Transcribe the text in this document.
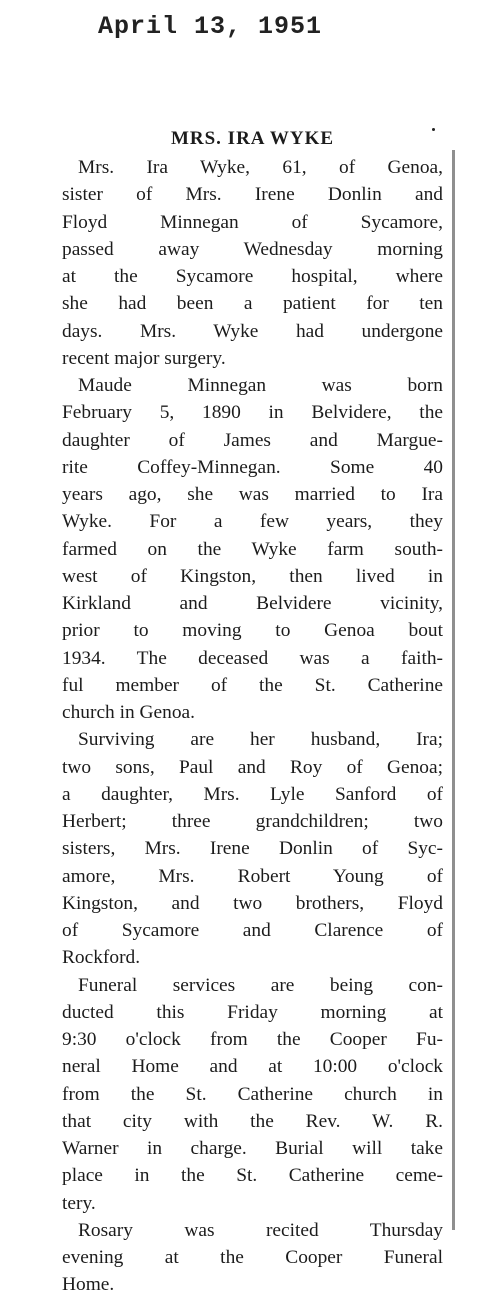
April 13, 1951
MRS. IRA WYKE
Mrs. Ira Wyke, 61, of Genoa,
sister of Mrs. Irene Donlin and
Floyd Minnegan of Sycamore,
passed away Wednesday morning
at the Sycamore hospital, where
she had been a patient for ten
days. Mrs. Wyke had undergone
recent major surgery.
Maude Minnegan was born
February 5, 1890 in Belvidere, the
daughter of James and Margue-
rite Coffey-Minnegan. Some 40
years ago, she was married to Ira
Wyke. For a few years, they
farmed on the Wyke farm south-
west of Kingston, then lived in
Kirkland and Belvidere vicinity,
prior to moving to Genoa bout
1934. The deceased was a faith-
ful member of the St. Catherine
church in Genoa.
Surviving are her husband, Ira;
two sons, Paul and Roy of Genoa;
a daughter, Mrs. Lyle Sanford of
Herbert; three grandchildren; two
sisters, Mrs. Irene Donlin of Syc-
amore, Mrs. Robert Young of
Kingston, and two brothers, Floyd
of Sycamore and Clarence of
Rockford.
Funeral services are being con-
ducted this Friday morning at
9:30 o'clock from the Cooper Fu-
neral Home and at 10:00 o'clock
from the St. Catherine church in
that city with the Rev. W. R.
Warner in charge. Burial will take
place in the St. Catherine ceme-
tery.
Rosary was recited Thursday
evening at the Cooper Funeral
Home.
